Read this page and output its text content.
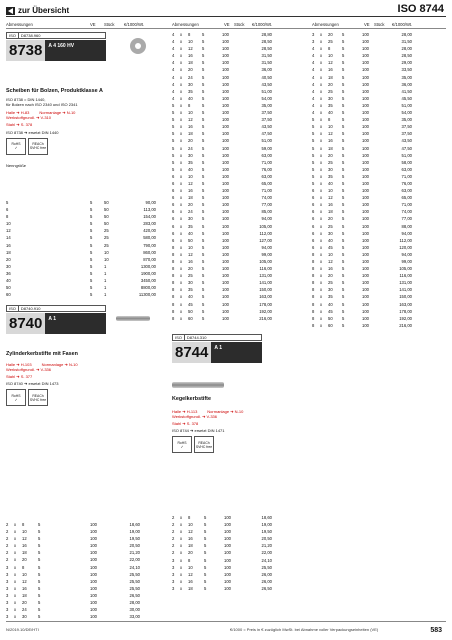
zur Übersicht	ISO 8744
Abmessungen	VE	Stück	€/1000/Wt.	Abmessungen	VE	Stück	€/1000/Wt.	Abmessungen	VE	Stück	€/1000/Wt.
ISO	D8738.960
8738	A 4 160 HV
Scheiben für Bolzen, Produktklasse A
ISO 8738 = DIN 1440,
für Bolzen nach ISO 2340 und ISO 2341
Halle ➔ H-83	Normanlage ➔ N-10
Werkstoffgrundl. ➔ V-310
Stahl ➔ S. 378
ISO 8738 ➔ ersetzt DIN 1440
RoHS
✓
REACh SVHC free
Nenngröße
5	5	50	90,00
6	5	50	113,00
8	5	50	154,00
10	5	50	283,00
12	5	25	420,00
14	5	25	580,00
16	5	25	790,00
18	5	10	860,00
20	5	10	870,00
30	5	1	1300,00
36	5	1	1900,00
40	5	1	3450,00
50	5	1	8800,00
60	5	1	11300,00
ISO	D8740.910
8740	A 1
Zylinderkerbstifte mit Fasen
Halle ➔ H-103	Normanlage ➔ N-10
Werkstoffgrundl. ➔ V-336
Stahl ➔ S. 377
ISO 8740 ➔ ersetzt DIN 1473
RoHS
✓
REACh SVHC free
2	x	8	5	100	18,60
2	x	10	5	100	19,00
2	x	12	5	100	19,50
2	x	16	5	100	20,50
2	x	18	5	100	21,20
2	x	20	5	100	22,00
3	x	8	5	100	24,10
3	x	10	5	100	25,50
3	x	12	5	100	25,50
3	x	16	5	100	25,50
3	x	18	5	100	26,50
3	x	20	5	100	28,00
3	x	24	5	100	30,00
3	x	30	5	100	33,00
4	x	8	5	100	28,80
4	x	10	5	100	28,50
4	x	12	5	100	28,50
4	x	16	5	100	31,50
4	x	18	5	100	31,50
4	x	20	5	100	36,00
4	x	24	5	100	40,50
4	x	30	5	100	43,50
4	x	35	5	100	51,00
4	x	40	5	100	54,00
5	x	8	5	100	35,00
5	x	10	5	100	37,50
5	x	12	5	100	37,50
5	x	16	5	100	43,50
5	x	18	5	100	47,50
5	x	20	5	100	51,00
5	x	24	5	100	59,00
5	x	30	5	100	63,00
5	x	35	5	100	71,00
5	x	40	5	100	76,00
6	x	10	5	100	63,00
6	x	12	5	100	65,00
6	x	16	5	100	71,00
6	x	18	5	100	74,00
6	x	20	5	100	77,00
6	x	24	5	100	85,00
6	x	30	5	100	94,00
6	x	35	5	100	105,00
6	x	40	5	100	112,00
6	x	50	5	100	127,00
8	x	10	5	100	94,00
8	x	12	5	100	99,00
8	x	16	5	100	105,00
8	x	20	5	100	116,00
8	x	25	5	100	131,00
8	x	30	5	100	141,00
8	x	35	5	100	150,00
8	x	40	5	100	163,00
8	x	45	5	100	178,00
8	x	50	5	100	192,00
8	x	60	5	100	216,00
ISO	D8744.310
8744	A 1
Kegelkerbstifte
Halle ➔ H-113	Normanlage ➔ N-10
Werkstoffgrundl. ➔ V-336
Stahl ➔ S. 378
ISO 8744 ➔ ersetzt DIN 1471
RoHS
✓
REACh SVHC free
2	x	8	5	100	18,60
2	x	10	5	100	19,00
2	x	12	5	100	19,50
2	x	16	5	100	20,50
2	x	18	5	100	21,20
2	x	20	5	100	22,00
3	x	8	5	100	24,10
3	x	10	5	100	25,50
3	x	12	5	100	26,00
3	x	16	5	100	26,00
3	x	18	5	100	26,50
3	x	20	5	100	28,00
3	x	25	5	100	31,50
4	x	8	5	100	28,00
4	x	10	5	100	28,50
4	x	12	5	100	29,00
4	x	16	5	100	33,50
4	x	18	5	100	35,00
4	x	20	5	100	36,00
4	x	25	5	100	41,50
4	x	30	5	100	45,50
4	x	35	5	100	51,00
4	x	40	5	100	54,00
5	x	8	5	100	35,00
5	x	10	5	100	37,50
5	x	12	5	100	37,50
5	x	16	5	100	43,50
5	x	18	5	100	47,50
5	x	20	5	100	51,00
5	x	25	5	100	58,00
5	x	30	5	100	63,00
5	x	35	5	100	71,00
5	x	40	5	100	76,00
6	x	10	5	100	63,00
6	x	12	5	100	65,00
6	x	16	5	100	71,00
6	x	18	5	100	74,00
6	x	20	5	100	77,00
6	x	25	5	100	88,00
6	x	30	5	100	94,00
6	x	40	5	100	112,00
6	x	45	5	100	120,00
8	x	10	5	100	94,00
8	x	12	5	100	99,00
8	x	16	5	100	105,00
8	x	20	5	100	116,00
8	x	25	5	100	131,00
8	x	30	5	100	141,00
8	x	35	5	100	150,00
8	x	40	5	100	163,00
8	x	45	5	100	178,00
8	x	50	5	100	192,00
8	x	60	5	100	216,00
N/2019.10/DE/HTI	€/1000 = Preis in € zuzüglich MwSt. bei Abnahme voller Verpackungseinheiten (VE)	583
